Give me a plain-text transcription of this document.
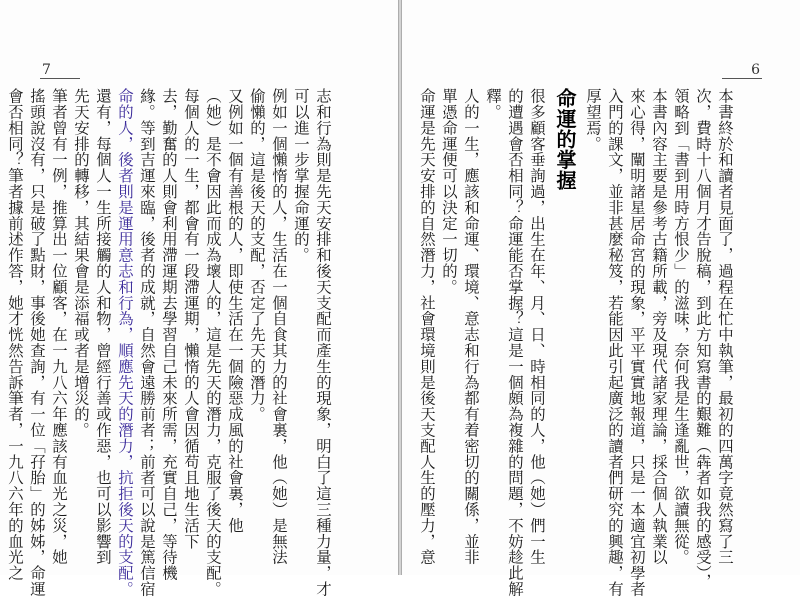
7
志和行為則是先天安排和後天支配而產生的現象，明白了這三種力量，才
可以進一步掌握命運的。
例如一個懶惰的人，生活在一個自食其力的社會裏，他（她）是無法
偷懶的，這是後天的支配，否定了先天的潛力。
又例如一個有善根的人，即使生活在一個險惡成風的社會裏，他
（她）是不會因此而成為壞人的，這是先天的潛力，克服了後天的支配。
每個人的一生，都會有一段滯運期，懶惰的人會因循苟且地生活下
去，勤奮的人則會利用滯運期去學習自己未來所需，充實自己，等待機
緣。等到吉運來臨，後者的成就，自然會遠勝前者；前者可以說是篤信宿
命的人，後者則是運用意志和行為，順應先天的潛力，抗拒後天的支配。
還有，每個人一生所接觸的人和物，曾經行善或作惡，也可以影響到
先天安排的轉移，其結果會是添福或者是增災的。
筆者曾有一例，推算出一位顧客，在一九八六年應該有血光之災，她
搖頭說沒有，只是破了點財，事後她查詢，有一位「孖胎」的姊姊，命運
會否相同？筆者據前述作答，她才恍然告訴筆者，一九八六年的血光之
6
本書終於和讀者見面了，過程在忙中執筆，最初的四萬字竟然寫了三
次，費時十八個月才告脫稿，到此方知寫書的艱難（犇者如我的感受），
領略到「書到用時方恨少」的滋味，奈何我是生逢亂世，欲讀無從。
本書內容主要是參考古籍所載，旁及現代諸家理論，採合個人執業以
來心得，闡明諸星居命宮的現象，平平實實地報道，只是一本適宜初學者
入門的課文，並非甚麼秘笈，若能因此引起廣泛的讀者們研究的興趣，有
厚望焉。
命運的掌握
很多顧客垂詢過，出生在年、月、日、時相同的人，他（她）們一生
的遭遇會否相同？命運能否掌握？這是一個頗為複雜的問題，不妨趁此解
釋。
人的一生，應該和命運、環境、意志和行為都有着密切的關係，並非
單憑命運便可以決定一切的。
命運是先天安排的自然潛力，社會環境則是後天支配人生的壓力，意
